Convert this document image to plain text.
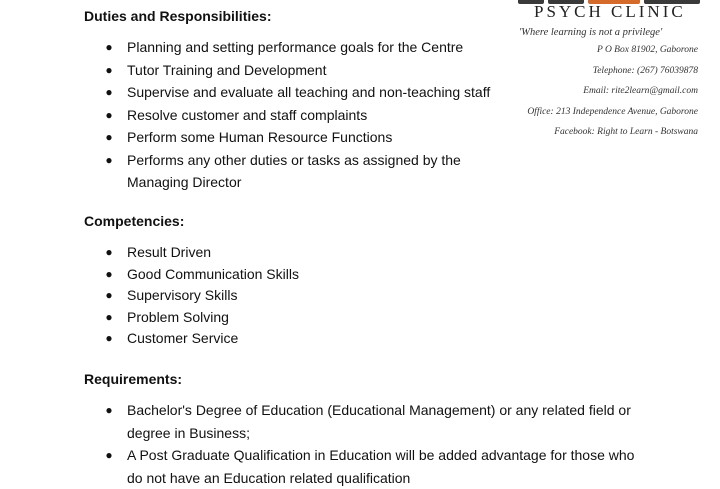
PSYCH CLINIC
'Where learning is not a privilege'
P O Box 81902, Gaborone
Telephone: (267) 76039878
Email: rite2learn@gmail.com
Office: 213 Independence Avenue, Gaborone
Facebook: Right to Learn - Botswana
Duties and Responsibilities:
● Planning and setting performance goals for the Centre
● Tutor Training and Development
● Supervise and evaluate all teaching and non-teaching staff
● Resolve customer and staff complaints
● Perform some Human Resource Functions
● Performs any other duties or tasks as assigned by the
Managing Director
Competencies:
● Result Driven
● Good Communication Skills
● Supervisory Skills
● Problem Solving
● Customer Service
Requirements:
● Bachelor's Degree of Education (Educational Management) or any related field or
degree in Business;
● A Post Graduate Qualification in Education will be added advantage for those who
do not have an Education related qualification
